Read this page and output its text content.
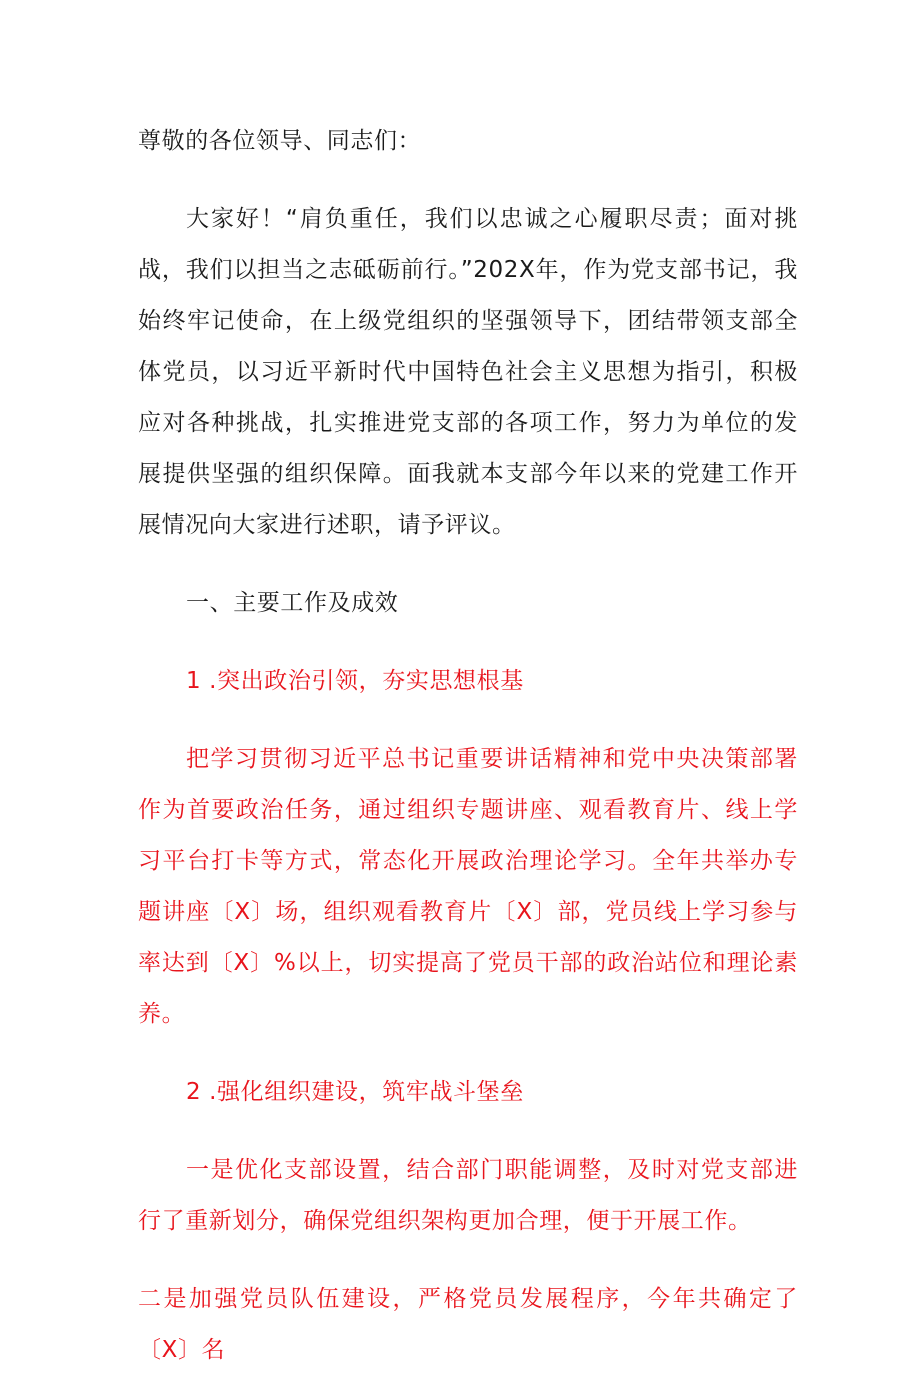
尊敬的各位领导、同志们：

大家好！“肩负重任，我们以忠诚之心履职尽责；面对挑战，我们以担当之志砥砺前行。”202X年，作为党支部书记，我始终牢记使命，在上级党组织的坚强领导下，团结带领支部全体党员，以习近平新时代中国特色社会主义思想为指引，积极应对各种挑战，扎实推进党支部的各项工作，努力为单位的发展提供坚强的组织保障。面我就本支部今年以来的党建工作开展情况向大家进行述职，请予评议。

一、主要工作及成效

1 .突出政治引领，夯实思想根基

把学习贯彻习近平总书记重要讲话精神和党中央决策部署作为首要政治任务，通过组织专题讲座、观看教育片、线上学习平台打卡等方式，常态化开展政治理论学习。全年共举办专题讲座〔X〕场，组织观看教育片〔X〕部，党员线上学习参与率达到〔X〕%以上，切实提高了党员干部的政治站位和理论素养。

2 .强化组织建设，筑牢战斗堡垒

一是优化支部设置，结合部门职能调整，及时对党支部进行了重新划分，确保党组织架构更加合理，便于开展工作。

二是加强党员队伍建设，严格党员发展程序，今年共确定了〔X〕名
